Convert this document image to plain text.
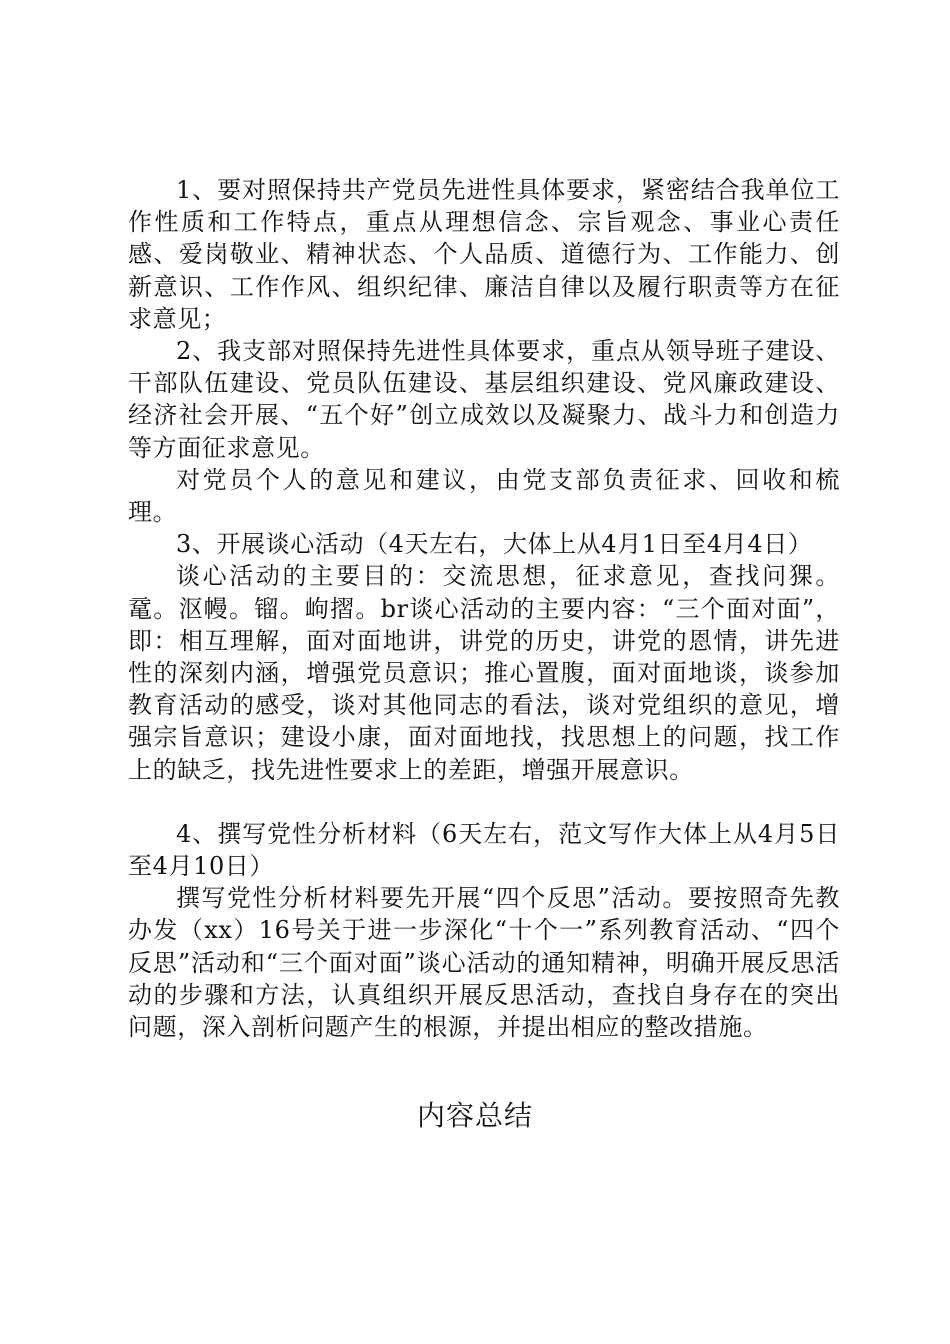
1、要对照保持共产党员先进性具体要求，紧密结合我单位工作性质和工作特点，重点从理想信念、宗旨观念、事业心责任感、爱岗敬业、精神状态、个人品质、道德行为、工作能力、创新意识、工作作风、组织纪律、廉洁自律以及履行职责等方在征求意见；

2、我支部对照保持先进性具体要求，重点从领导班子建设、干部队伍建设、党员队伍建设、基层组织建设、党风廉政建设、经济社会开展、“五个好”创立成效以及凝聚力、战斗力和创造力等方面征求意见。

对党员个人的意见和建议，由党支部负责征求、回收和梳理。

3、开展谈心活动（4天左右，大体上从4月1日至4月4日）

谈心活动的主要目的：交流思想，征求意见，查找问猓。鼋。沤幔。镏。岣摺。br谈心活动的主要内容：“三个面对面”，即：相互理解，面对面地讲，讲党的历史，讲党的恩情，讲先进性的深刻内涵，增强党员意识；推心置腹，面对面地谈，谈参加教育活动的感受，谈对其他同志的看法，谈对党组织的意见，增强宗旨意识；建设小康，面对面地找，找思想上的问题，找工作上的缺乏，找先进性要求上的差距，增强开展意识。

4、撰写党性分析材料（6天左右，范文写作大体上从4月5日至4月10日）

撰写党性分析材料要先开展“四个反思”活动。要按照奇先教办发（xx）16号关于进一步深化“十个一”系列教育活动、“四个反思”活动和“三个面对面”谈心活动的通知精神，明确开展反思活动的步骤和方法，认真组织开展反思活动，查找自身存在的突出问题，深入剖析问题产生的根源，并提出相应的整改措施。

内容总结
